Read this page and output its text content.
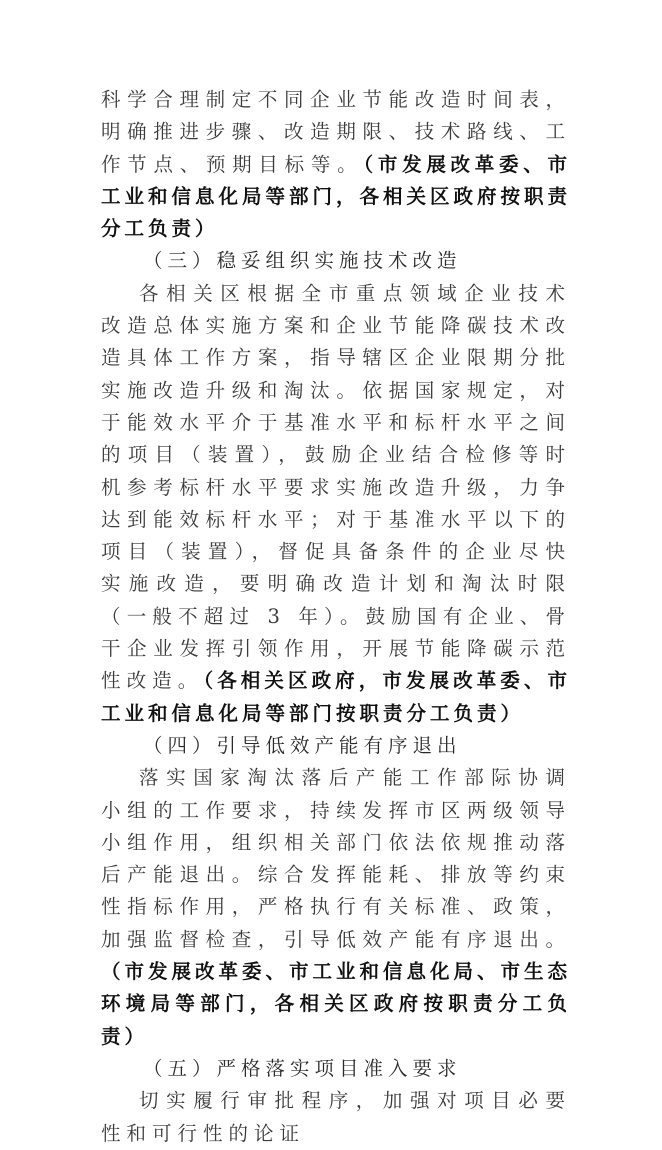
科学合理制定不同企业节能改造时间表，明确推进步骤、改造期限、技术路线、工作节点、预期目标等。（市发展改革委、市工业和信息化局等部门，各相关区政府按职责分工负责）

（三）稳妥组织实施技术改造

各相关区根据全市重点领域企业技术改造总体实施方案和企业节能降碳技术改造具体工作方案，指导辖区企业限期分批实施改造升级和淘汰。依据国家规定，对于能效水平介于基准水平和标杆水平之间的项目（装置），鼓励企业结合检修等时机参考标杆水平要求实施改造升级，力争达到能效标杆水平；对于基准水平以下的项目（装置），督促具备条件的企业尽快实施改造，要明确改造计划和淘汰时限（一般不超过 3 年）。鼓励国有企业、骨干企业发挥引领作用，开展节能降碳示范性改造。（各相关区政府，市发展改革委、市工业和信息化局等部门按职责分工负责）

（四）引导低效产能有序退出

落实国家淘汰落后产能工作部际协调小组的工作要求，持续发挥市区两级领导小组作用，组织相关部门依法依规推动落后产能退出。综合发挥能耗、排放等约束性指标作用，严格执行有关标准、政策，加强监督检查，引导低效产能有序退出。（市发展改革委、市工业和信息化局、市生态环境局等部门，各相关区政府按职责分工负责）

（五）严格落实项目准入要求

切实履行审批程序，加强对项目必要性和可行性的论证
